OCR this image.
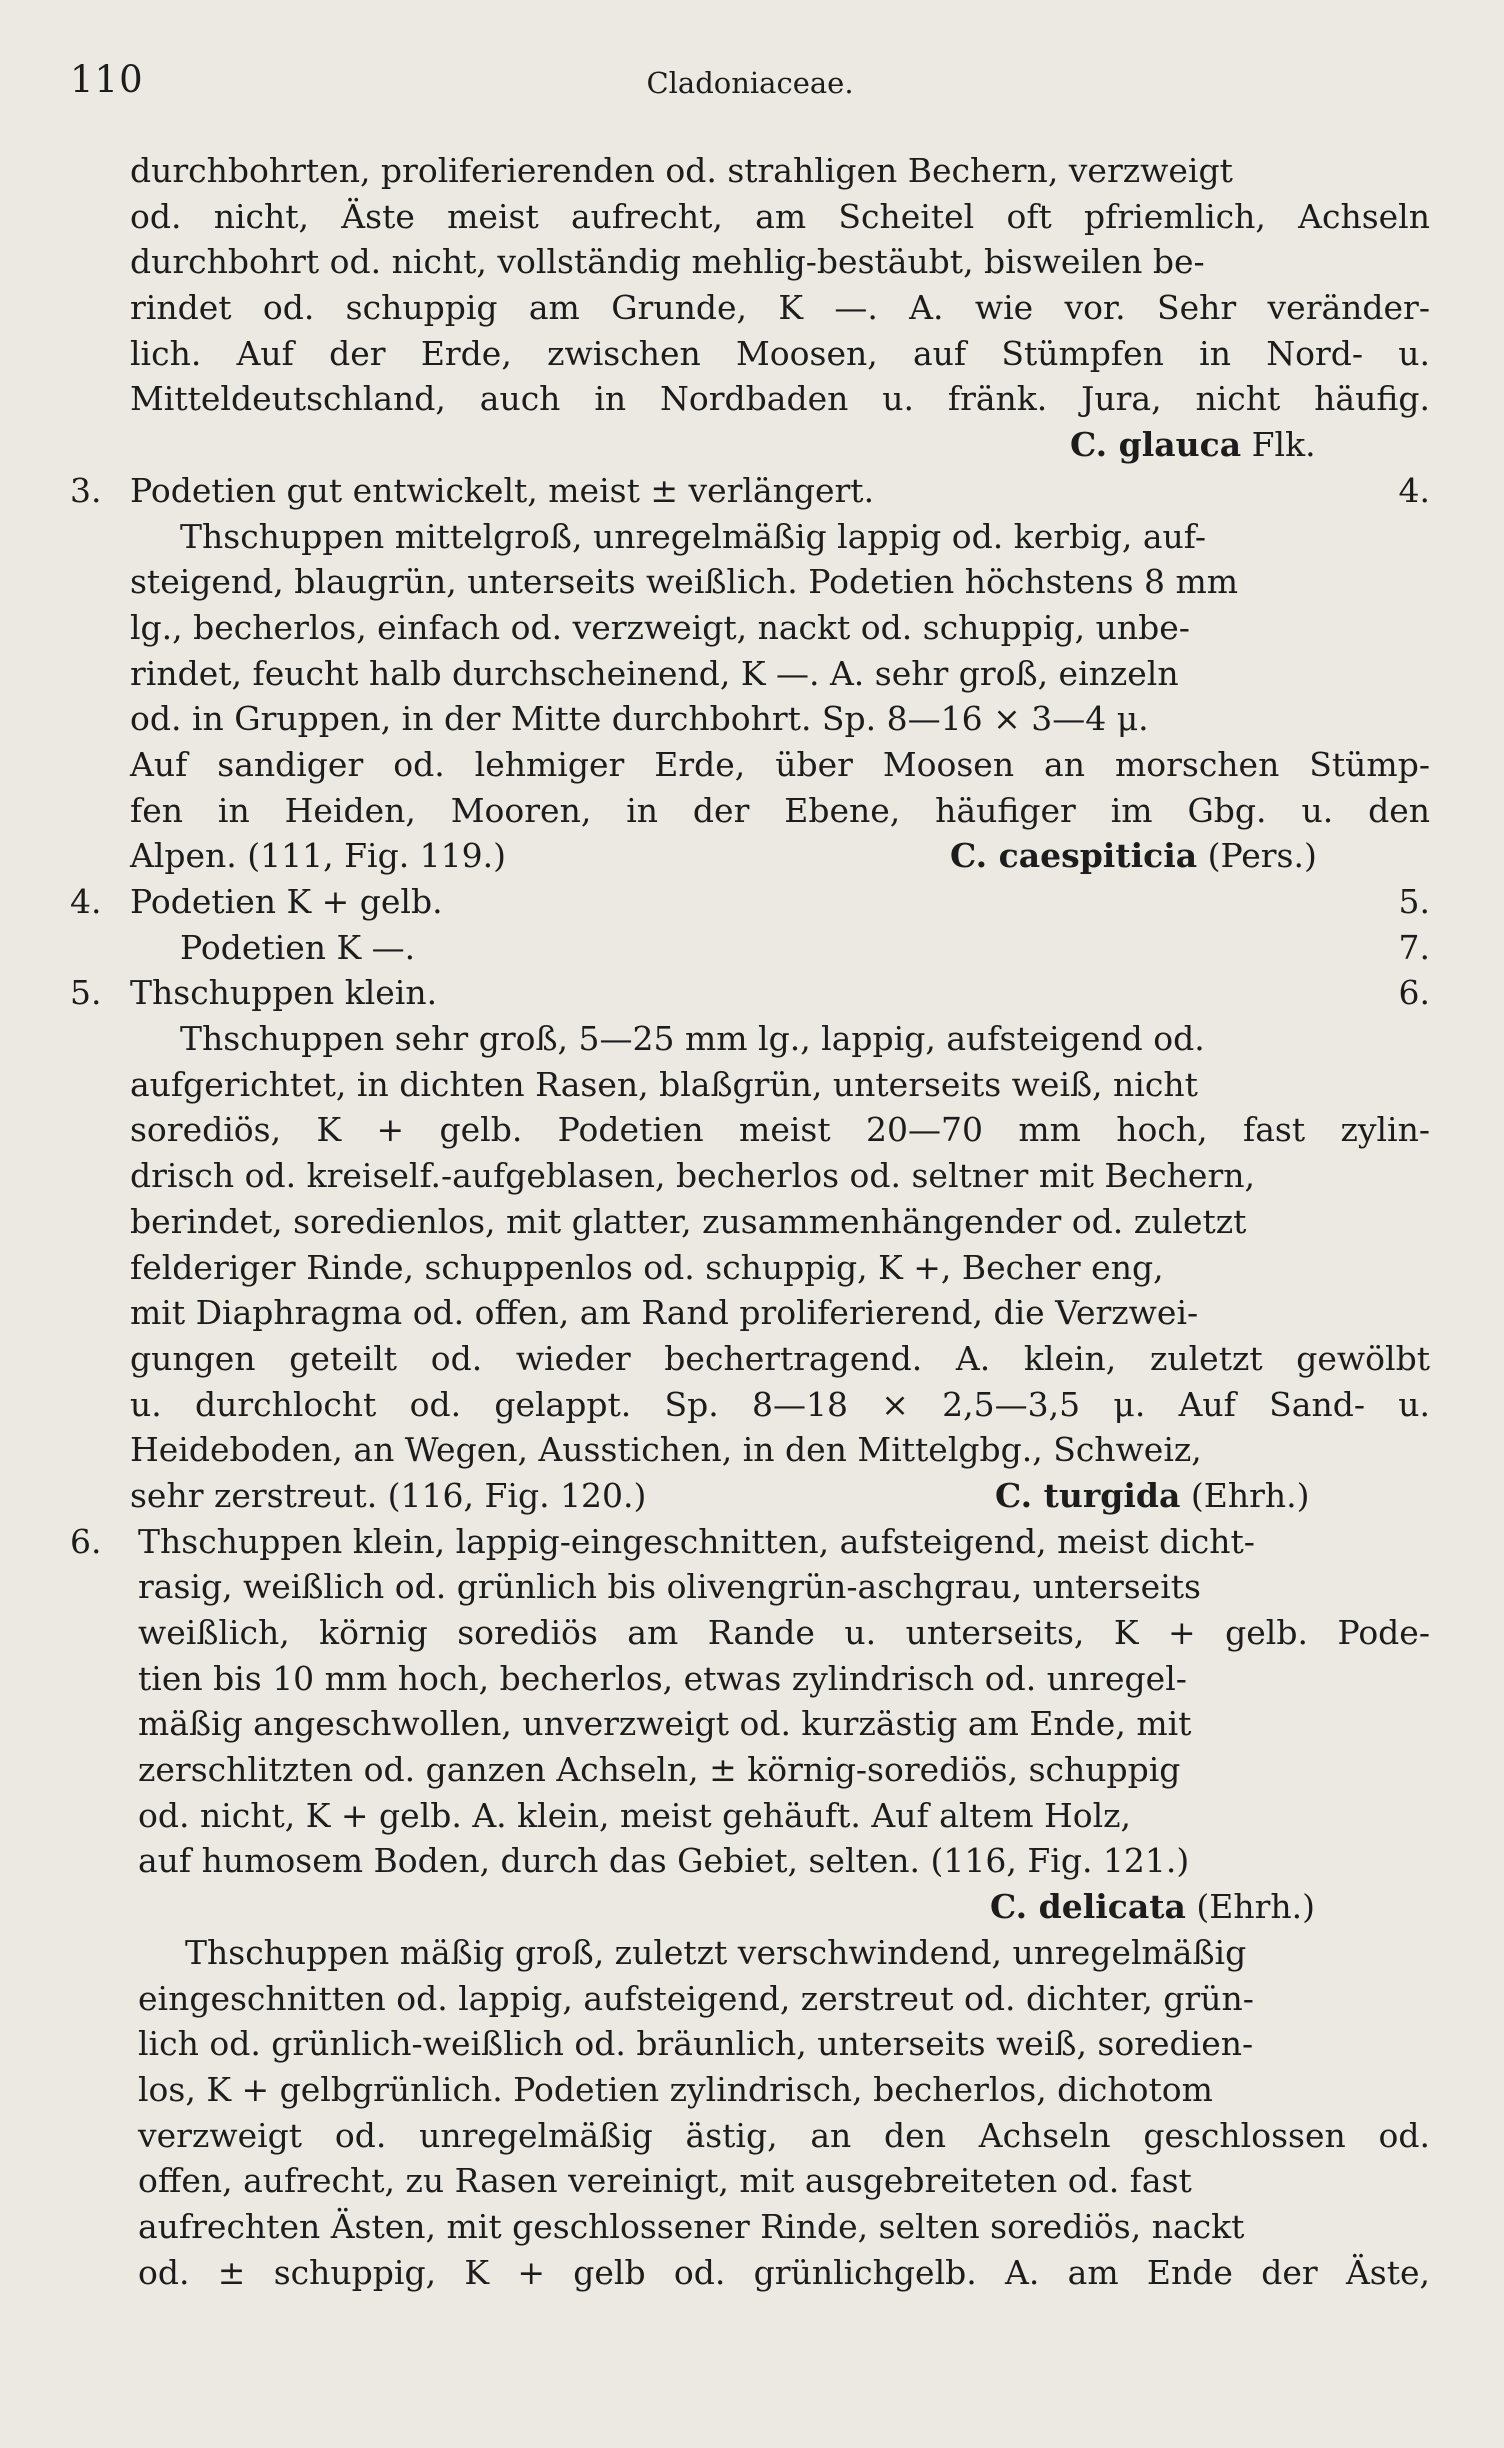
110	Cladoniaceae.
durchbohrten, proliferierenden od. strahligen Bechern, verzweigt
od. nicht, Äste meist aufrecht, am Scheitel oft pfriemlich, Achseln
durchbohrt od. nicht, vollständig mehlig-bestäubt, bisweilen be-
rindet od. schuppig am Grunde, K —. A. wie vor. Sehr veränder-
lich. Auf der Erde, zwischen Moosen, auf Stümpfen in Nord- u.
Mitteldeutschland, auch in Nordbaden u. fränk. Jura, nicht häufig.
C. glauca Flk.
3. Podetien gut entwickelt, meist ± verlängert.	4.
Thschuppen mittelgroß, unregelmäßig lappig od. kerbig, auf-
steigend, blaugrün, unterseits weißlich. Podetien höchstens 8 mm
lg., becherlos, einfach od. verzweigt, nackt od. schuppig, unbe-
rindet, feucht halb durchscheinend, K —. A. sehr groß, einzeln
od. in Gruppen, in der Mitte durchbohrt. Sp. 8—16 × 3—4 μ.
Auf sandiger od. lehmiger Erde, über Moosen an morschen Stümp-
fen in Heiden, Mooren, in der Ebene, häufiger im Gbg. u. den
Alpen. (111, Fig. 119.)	C. caespiticia (Pers.)
4. Podetien K + gelb.	5.
Podetien K —.	7.
5. Thschuppen klein.	6.
Thschuppen sehr groß, 5—25 mm lg., lappig, aufsteigend od.
aufgerichtet, in dichten Rasen, blaßgrün, unterseits weiß, nicht
sorediös, K + gelb. Podetien meist 20—70 mm hoch, fast zylin-
drisch od. kreiself.-aufgeblasen, becherlos od. seltner mit Bechern,
berindet, soredienlos, mit glatter, zusammenhängender od. zuletzt
felderiger Rinde, schuppenlos od. schuppig, K +, Becher eng,
mit Diaphragma od. offen, am Rand proliferierend, die Verzwei-
gungen geteilt od. wieder bechertragend. A. klein, zuletzt gewölbt
u. durchlocht od. gelappt. Sp. 8—18 × 2,5—3,5 μ. Auf Sand- u.
Heideboden, an Wegen, Ausstichen, in den Mittelgbg., Schweiz,
sehr zerstreut. (116, Fig. 120.)	C. turgida (Ehrh.)
6. Thschuppen klein, lappig-eingeschnitten, aufsteigend, meist dicht-
rasig, weißlich od. grünlich bis olivengrün-aschgrau, unterseits
weißlich, körnig sorediös am Rande u. unterseits, K + gelb. Pode-
tien bis 10 mm hoch, becherlos, etwas zylindrisch od. unregel-
mäßig angeschwollen, unverzweigt od. kurzästig am Ende, mit
zerschlitzten od. ganzen Achseln, ± körnig-sorediös, schuppig
od. nicht, K + gelb. A. klein, meist gehäuft. Auf altem Holz,
auf humosem Boden, durch das Gebiet, selten. (116, Fig. 121.)
C. delicata (Ehrh.)
Thschuppen mäßig groß, zuletzt verschwindend, unregelmäßig
eingeschnitten od. lappig, aufsteigend, zerstreut od. dichter, grün-
lich od. grünlich-weißlich od. bräunlich, unterseits weiß, soredien-
los, K + gelbgrünlich. Podetien zylindrisch, becherlos, dichotom
verzweigt od. unregelmäßig ästig, an den Achseln geschlossen od.
offen, aufrecht, zu Rasen vereinigt, mit ausgebreiteten od. fast
aufrechten Ästen, mit geschlossener Rinde, selten sorediös, nackt
od. ± schuppig, K + gelb od. grünlichgelb. A. am Ende der Äste,
